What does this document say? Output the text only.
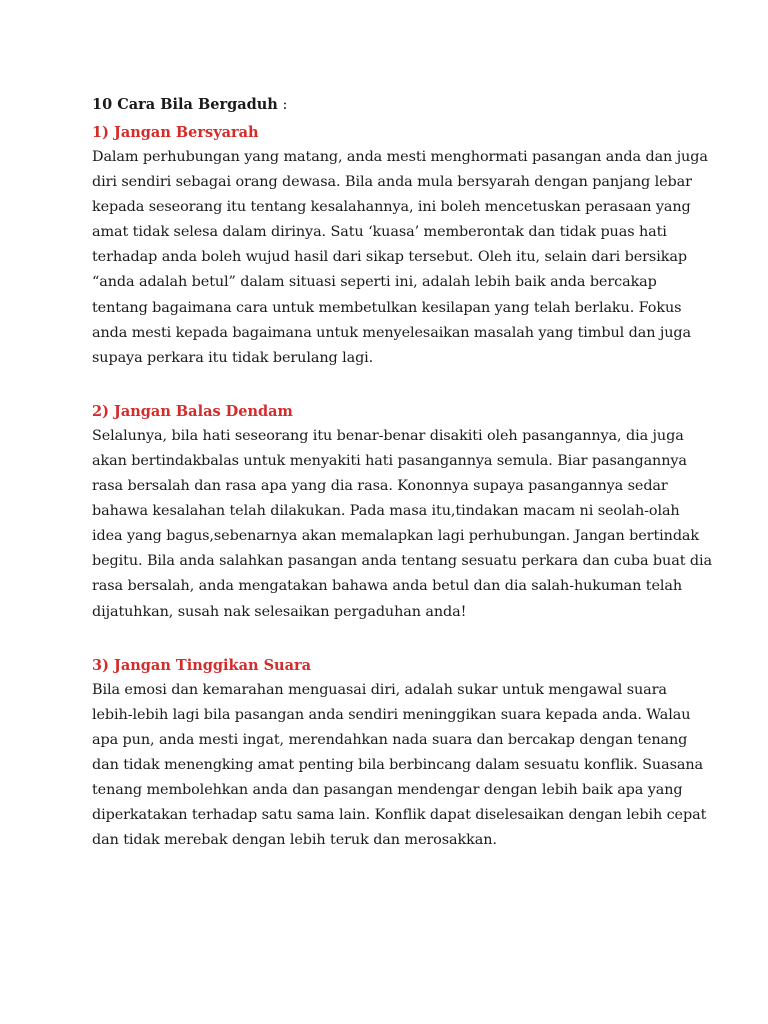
10 Cara Bila Bergaduh :
1) Jangan Bersyarah

Dalam perhubungan yang matang, anda mesti menghormati pasangan anda dan juga
diri sendiri sebagai orang dewasa. Bila anda mula bersyarah dengan panjang lebar
kepada seseorang itu tentang kesalahannya, ini boleh mencetuskan perasaan yang
amat tidak selesa dalam dirinya. Satu ‘kuasa’ memberontak dan tidak puas hati
terhadap anda boleh wujud hasil dari sikap tersebut. Oleh itu, selain dari bersikap
“anda adalah betul” dalam situasi seperti ini, adalah lebih baik anda bercakap
tentang bagaimana cara untuk membetulkan kesilapan yang telah berlaku. Fokus
anda mesti kepada bagaimana untuk menyelesaikan masalah yang timbul dan juga
supaya perkara itu tidak berulang lagi.

2) Jangan Balas Dendam

Selalunya, bila hati seseorang itu benar-benar disakiti oleh pasangannya, dia juga
akan bertindakbalas untuk menyakiti hati pasangannya semula. Biar pasangannya
rasa bersalah dan rasa apa yang dia rasa. Kononnya supaya pasangannya sedar
bahawa kesalahan telah dilakukan. Pada masa itu,tindakan macam ni seolah-olah
idea yang bagus,sebenarnya akan memalapkan lagi perhubungan. Jangan bertindak
begitu. Bila anda salahkan pasangan anda tentang sesuatu perkara dan cuba buat dia
rasa bersalah, anda mengatakan bahawa anda betul dan dia salah-hukuman telah
dijatuhkan, susah nak selesaikan pergaduhan anda!

3) Jangan Tinggikan Suara

Bila emosi dan kemarahan menguasai diri, adalah sukar untuk mengawal suara
lebih-lebih lagi bila pasangan anda sendiri meninggikan suara kepada anda. Walau
apa pun, anda mesti ingat, merendahkan nada suara dan bercakap dengan tenang
dan tidak menengking amat penting bila berbincang dalam sesuatu konflik. Suasana
tenang membolehkan anda dan pasangan mendengar dengan lebih baik apa yang
diperkatakan terhadap satu sama lain. Konflik dapat diselesaikan dengan lebih cepat
dan tidak merebak dengan lebih teruk dan merosakkan.
